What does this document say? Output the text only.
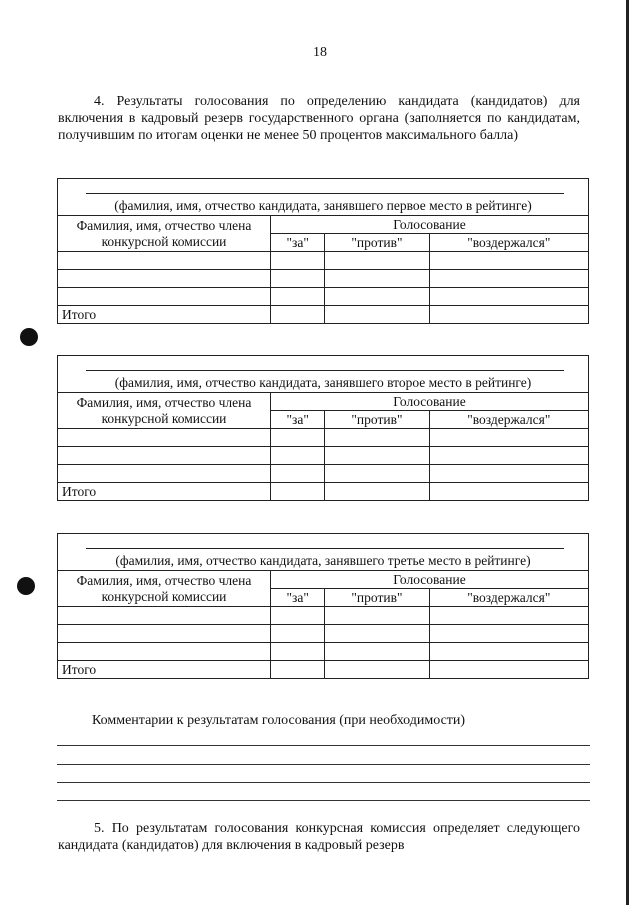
18
4. Результаты голосования по определению кандидата (кандидатов) для включения в кадровый резерв государственного органа (заполняется по кандидатам, получившим по итогам оценки не менее 50 процентов максимального балла)
(фамилия, имя, отчество кандидата, занявшего первое место в рейтинге)
Фамилия, имя, отчество члена конкурсной комиссии	Голосование		
	"за"	"против"	"воздержался"

Итого			
(фамилия, имя, отчество кандидата, занявшего второе место в рейтинге)
Фамилия, имя, отчество члена конкурсной комиссии	Голосование		
	"за"	"против"	"воздержался"

Итого			
(фамилия, имя, отчество кандидата, занявшего третье место в рейтинге)
Фамилия, имя, отчество члена конкурсной комиссии	Голосование		
	"за"	"против"	"воздержался"

Итого			
Комментарии к результатам голосования (при необходимости)
5. По результатам голосования конкурсная комиссия определяет следующего кандидата (кандидатов) для включения в кадровый резерв
